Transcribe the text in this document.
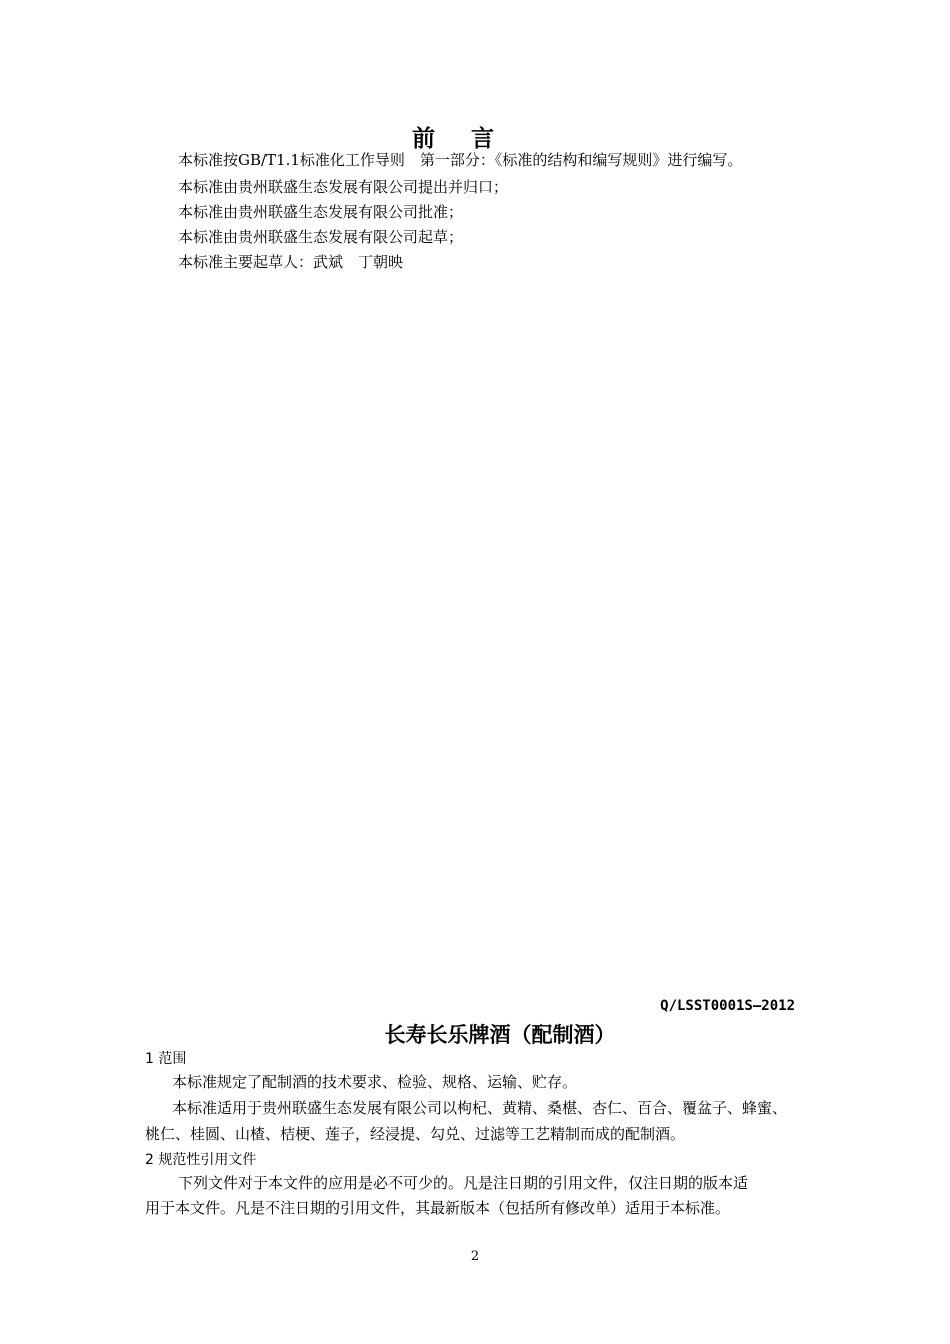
前 言
本标准按GB/T1.1标准化工作导则　第一部分：《标准的结构和编写规则》进行编写。
本标准由贵州联盛生态发展有限公司提出并归口；
本标准由贵州联盛生态发展有限公司批准；
本标准由贵州联盛生态发展有限公司起草；
本标准主要起草人：武斌　丁朝映
Q/LSST0001S—2012
长寿长乐牌酒（配制酒）
1 范围
本标准规定了配制酒的技术要求、检验、规格、运输、贮存。
本标准适用于贵州联盛生态发展有限公司以枸杞、黄精、桑椹、杏仁、百合、覆盆子、蜂蜜、
桃仁、桂圆、山楂、桔梗、莲子，经浸提、勾兑、过滤等工艺精制而成的配制酒。
2 规范性引用文件
下列文件对于本文件的应用是必不可少的。凡是注日期的引用文件，仅注日期的版本适
用于本文件。凡是不注日期的引用文件，其最新版本（包括所有修改单）适用于本标准。
2
